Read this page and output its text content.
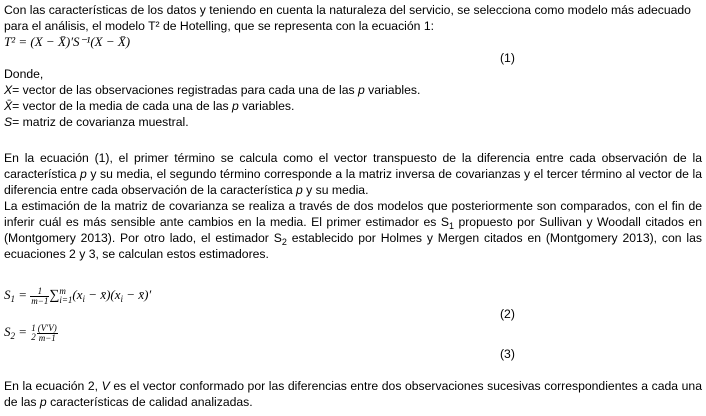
Con las características de los datos y teniendo en cuenta la naturaleza del servicio, se selecciona como modelo más adecuado

para el análisis, el modelo T² de Hotelling, que se representa con la ecuación 1:

T² = (X − X̄)′S⁻¹(X − X̄)
(1)

Donde,

X= vector de las observaciones registradas para cada una de las p variables.

X̄= vector de la media de cada una de las p variables.

S= matriz de covarianza muestral.

En la ecuación (1), el primer término se calcula como el vector transpuesto de la diferencia entre cada observación de la característica p y su media, el segundo término corresponde a la matriz inversa de covarianzas y el tercer término al vector de la diferencia entre cada observación de la característica p y su media.

La estimación de la matriz de covarianza se realiza a través de dos modelos que posteriormente son comparados, con el fin de inferir cuál es más sensible ante cambios en la media. El primer estimador es $S_1$ propuesto por Sullivan y Woodall citados en (Montgomery 2013). Por otro lado, el estimador $S_2$ establecido por Holmes y Mergen citados en (Montgomery 2013), con las ecuaciones 2 y 3, se calculan estos estimadores.

$S_1 = \frac{1}{m-1}$ ∑ m
i=1 ($x_i$ − $x̄)(x_i$ − x̄)′
(2)
$S_2 = 1$
$2 \frac{(V'V)}{m-1}$
(3)

En la ecuación 2, V es el vector conformado por las diferencias entre dos observaciones sucesivas correspondientes a cada una de las p características de calidad analizadas.
